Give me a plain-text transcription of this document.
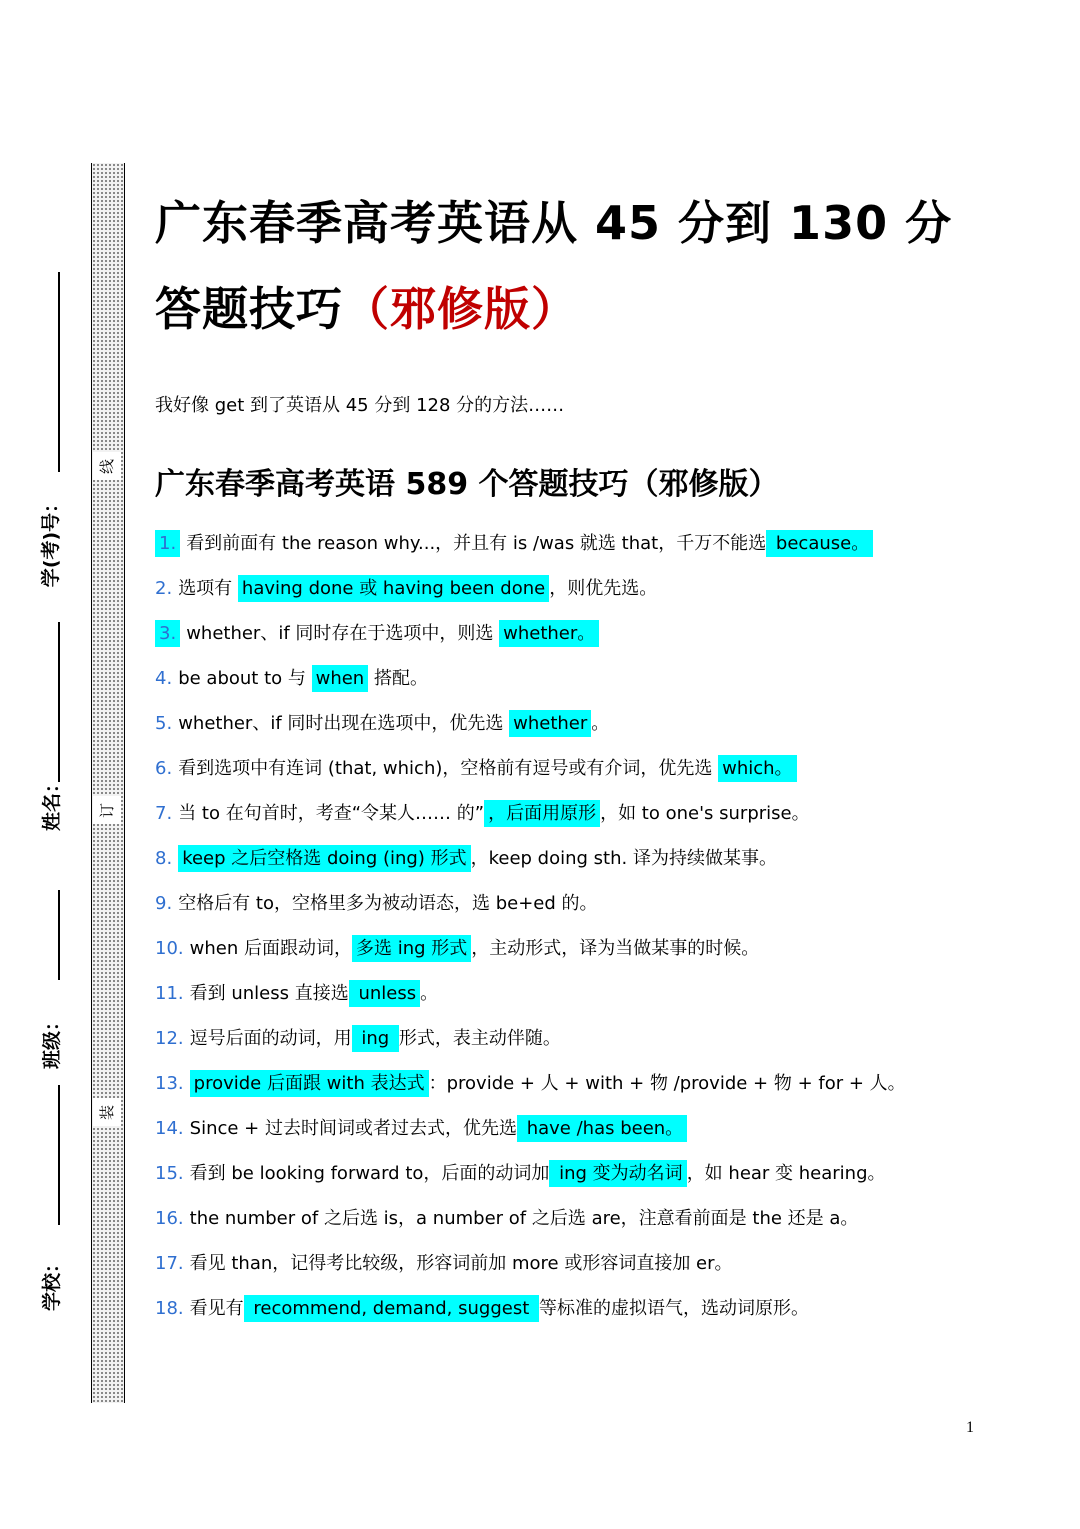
线
订
装
学(考)号：
姓名：
班级：
学校：
广东春季高考英语从 45 分到 130 分答题技巧（邪修版）

我好像 get 到了英语从 45 分到 128 分的方法……

广东春季高考英语 589 个答题技巧（邪修版）
1. 看到前面有 the reason why...，并且有 is /was 就选 that，千万不能选 because。
2. 选项有 having done 或 having been done ，则优先选。
3. whether、if 同时存在于选项中，则选 whether。
4. be about to 与 when 搭配。
5. whether、if 同时出现在选项中，优先选 whether 。
6. 看到选项中有连词 (that, which)，空格前有逗号或有介词，优先选 which。
7. 当 to 在句首时，考查“令某人…… 的” ，后面用原形 ，如 to one's surprise。
8. keep 之后空格选 doing (ing) 形式 ，keep doing sth. 译为持续做某事。
9. 空格后有 to，空格里多为被动语态，选 be+ed 的。
10. when 后面跟动词， 多选 ing 形式 ，主动形式，译为当做某事的时候。
11. 看到 unless 直接选 unless 。
12. 逗号后面的动词，用 ing 形式，表主动伴随。
13. provide 后面跟 with 表达式 ：provide + 人 + with + 物 /provide + 物 + for + 人。
14. Since + 过去时间词或者过去式，优先选 have /has been。
15. 看到 be looking forward to，后面的动词加 ing 变为动名词 ，如 hear 变 hearing。
16. the number of 之后选 is，a number of 之后选 are，注意看前面是 the 还是 a。
17. 看见 than，记得考比较级，形容词前加 more 或形容词直接加 er。
18. 看见有 recommend, demand, suggest 等标准的虚拟语气，选动词原形。
1
